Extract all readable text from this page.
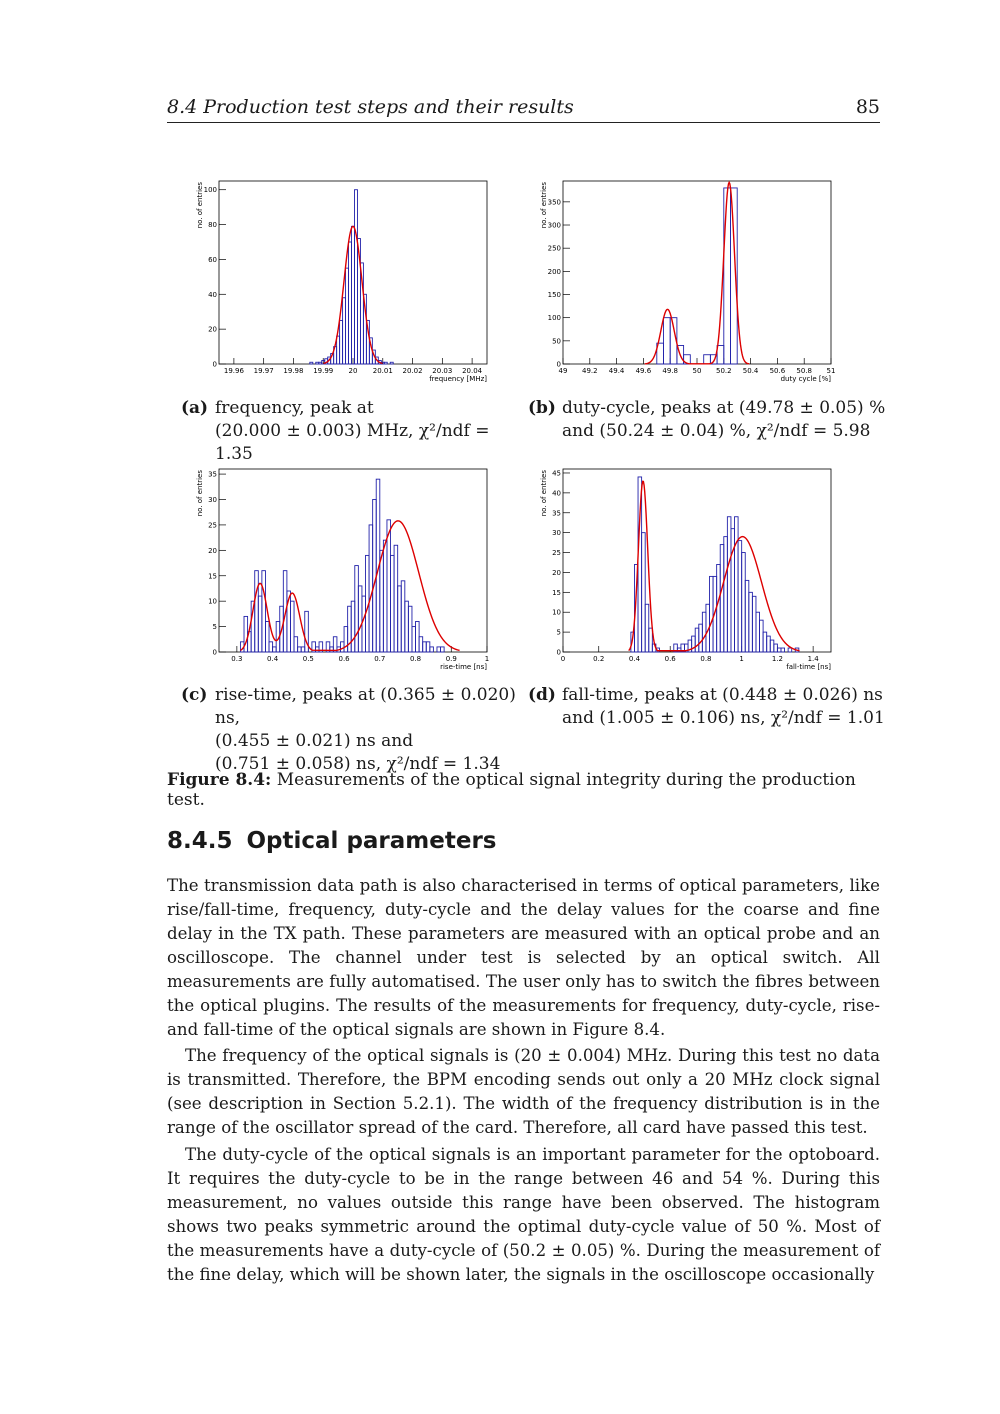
8.4 Production test steps and their results	85
0
20
40
60
80
100
19.96 19.97 19.98 19.99 20 20.01 20.02 20.03 20.04
frequency [MHz]
no. of entries
0
50
100
150
200
250
300
350
49 49.2 49.4 49.6 49.8 50 50.2 50.4 50.6 50.8 51
duty cycle [%]
no. of entries
0
5
10
15
20
25
30
35
0.3	0.4	0.5	0.6	0.7	0.8	0.9	1
rise-time [ns]
no. of entries
0
5
10
15
20
25
30
35
40
45
0	0.2	0.4	0.6	0.8	1	1.2	1.4
fall-time [ns]
no. of entries
(a) frequency, peak at
(20.000 ± 0.003) MHz, χ²/ndf = 1.35
(b) duty-cycle, peaks at (49.78 ± 0.05) %
and (50.24 ± 0.04) %, χ²/ndf = 5.98
(c) rise-time, peaks at (0.365 ± 0.020) ns,
(0.455 ± 0.021) ns and
(0.751 ± 0.058) ns, χ²/ndf = 1.34
(d) fall-time, peaks at (0.448 ± 0.026) ns
and (1.005 ± 0.106) ns, χ²/ndf = 1.01
Figure 8.4: Measurements of the optical signal integrity during the production test.
8.4.5 Optical parameters

The transmission data path is also characterised in terms of optical parameters, like rise/fall-time, frequency, duty-cycle and the delay values for the coarse and fine delay in the TX path. These parameters are measured with an optical probe and an oscilloscope. The channel under test is selected by an optical switch. All measurements are fully automatised. The user only has to switch the fibres between the optical plugins. The results of the measurements for frequency, duty-cycle, rise- and fall-time of the optical signals are shown in Figure 8.4.

The frequency of the optical signals is (20 ± 0.004) MHz. During this test no data is transmitted. Therefore, the BPM encoding sends out only a 20 MHz clock signal (see description in Section 5.2.1). The width of the frequency distribution is in the range of the oscillator spread of the card. Therefore, all card have passed this test.

The duty-cycle of the optical signals is an important parameter for the optoboard. It requires the duty-cycle to be in the range between 46 and 54 %. During this measurement, no values outside this range have been observed. The histogram shows two peaks symmetric around the optimal duty-cycle value of 50 %. Most of the measurements have a duty-cycle of (50.2 ± 0.05) %. During the measurement of the fine delay, which will be shown later, the signals in the oscilloscope occasionally
